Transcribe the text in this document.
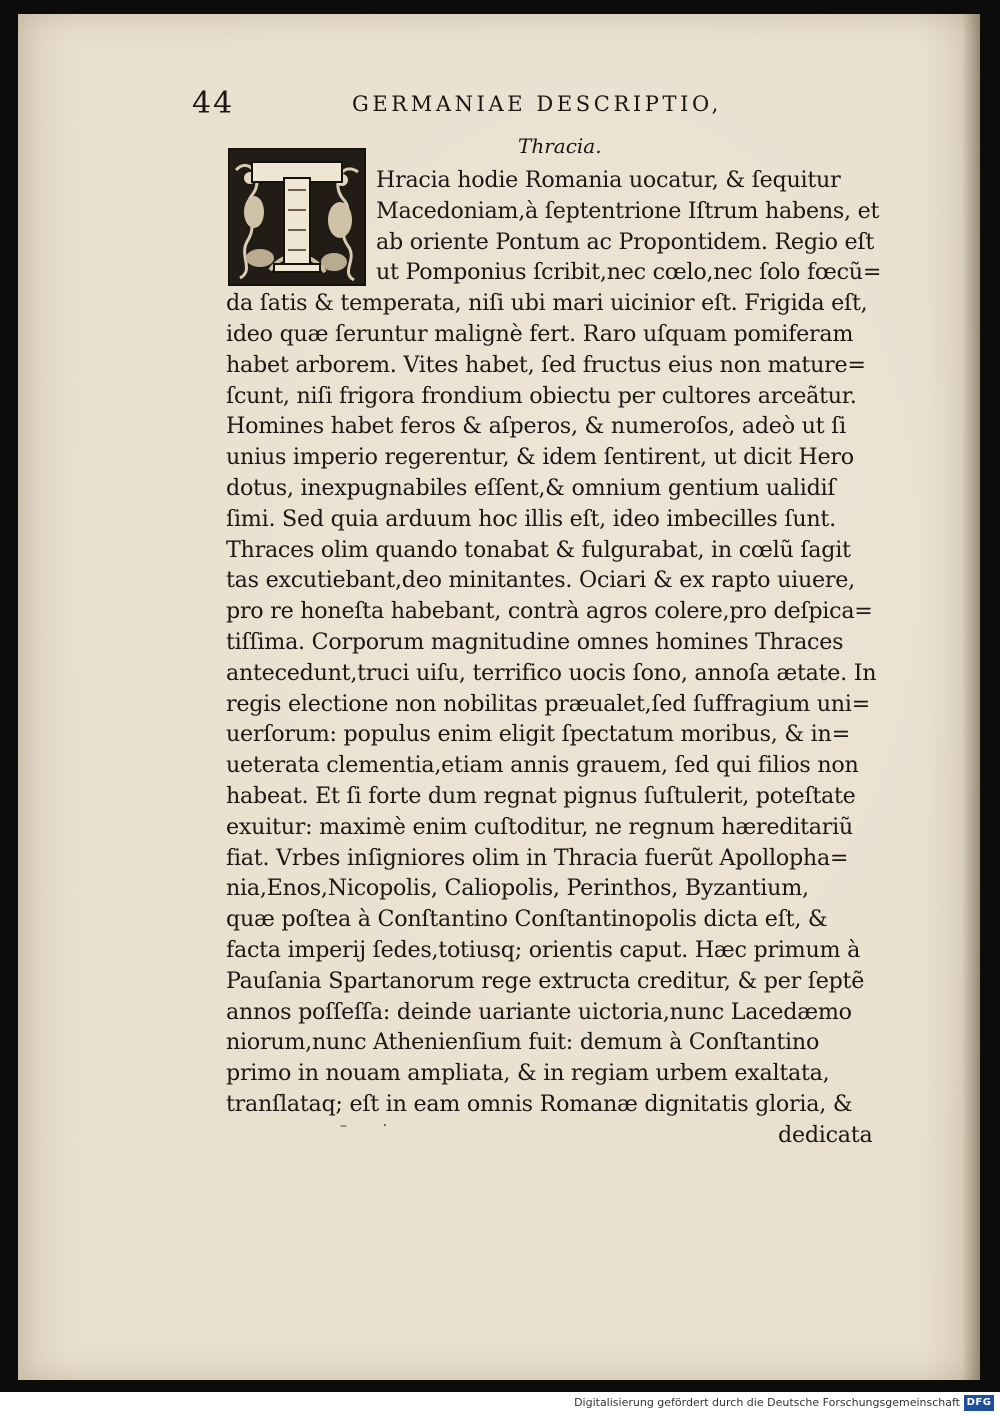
44	GERMANIAE DESCRIPTIO,
Thracia.
Hracia hodie Romania uocatur, & ſequitur
Macedoniam,à ſeptentrione Iſtrum habens, et
ab oriente Pontum ac Propontidem. Regio eſt
ut Pomponius ſcribit,nec cœlo,nec ſolo fœcũ=
da ſatis & temperata, niſi ubi mari uicinior eſt. Frigida eſt,
ideo quæ ſeruntur malignè fert. Raro uſquam pomiferam
habet arborem. Vites habet, ſed fructus eius non mature=
ſcunt, niſi frigora frondium obiectu per cultores arceãtur.
Homines habet feros & aſperos, & numeroſos, adeò ut ſi
unius imperio regerentur, & idem ſentirent, ut dicit Hero
dotus, inexpugnabiles eſſent,& omnium gentium ualidiſ
ſimi. Sed quia arduum hoc illis eſt, ideo imbecilles ſunt.
Thraces olim quando tonabat & fulgurabat, in cœlũ ſagit
tas excutiebant,deo minitantes. Ociari & ex rapto uiuere,
pro re honeſta habebant, contrà agros colere,pro deſpica=
tiſſima. Corporum magnitudine omnes homines Thraces
antecedunt,truci uiſu, terrifico uocis ſono, annoſa ætate. In
regis electione non nobilitas præualet,ſed ſuffragium uni=
uerſorum: populus enim eligit ſpectatum moribus, & in=
ueterata clementia,etiam annis grauem, ſed qui filios non
habeat. Et ſi forte dum regnat pignus ſuſtulerit, poteſtate
exuitur: maximè enim cuſtoditur, ne regnum hæreditariũ
fiat. Vrbes inſigniores olim in Thracia fuerũt Apollopha=
nia,Enos,Nicopolis, Caliopolis, Perinthos, Byzantium,
quæ poſtea à Conſtantino Conſtantinopolis dicta eſt, &
facta imperij ſedes,totiusq; orientis caput. Hæc primum à
Pauſania Spartanorum rege extructa creditur, & per ſeptẽ
annos poſſeſſa: deinde uariante uictoria,nunc Lacedæmo
niorum,nunc Athenienſium fuit: demum à Conſtantino
primo in nouam ampliata, & in regiam urbem exaltata,
tranſlataq; eſt in eam omnis Romanæ dignitatis gloria, &
dedicata
–        ·
Digitalisierung gefördert durch die Deutsche Forschungsgemeinschaft DFG
